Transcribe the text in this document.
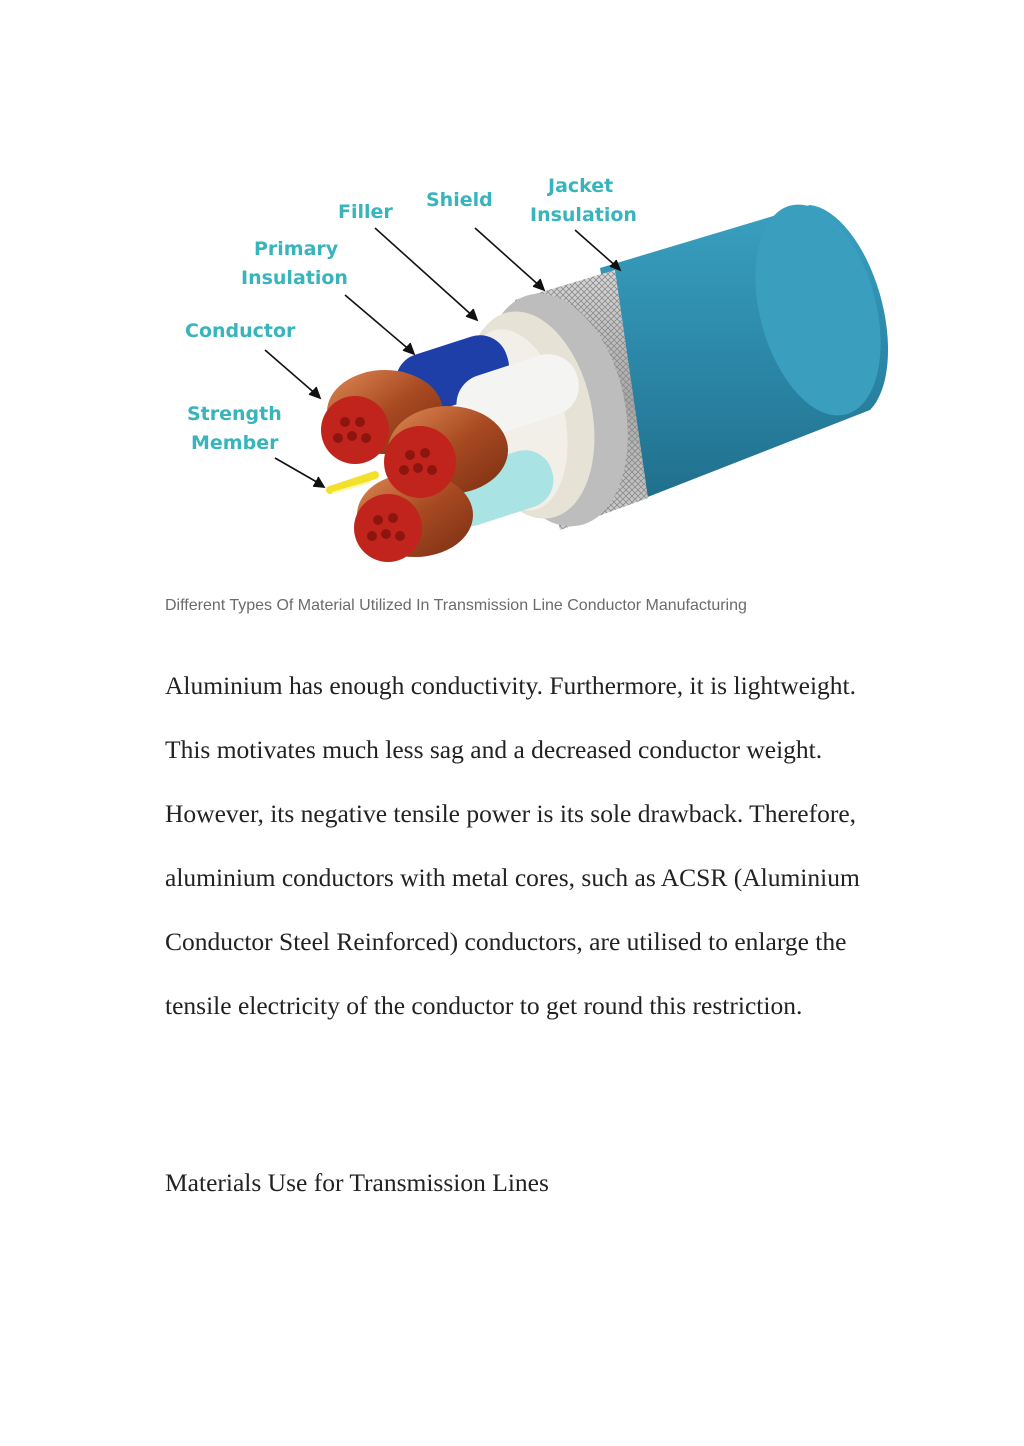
Jacket
Insulation
Shield
Filler
Primary
Insulation
Conductor
Strength
Member
Different Types Of Material Utilized In Transmission Line Conductor Manufacturing

Aluminium has enough conductivity. Furthermore, it is lightweight. This motivates much less sag and a decreased conductor weight. However, its negative tensile power is its sole drawback. Therefore, aluminium conductors with metal cores, such as ACSR (Aluminium Conductor Steel Reinforced) conductors, are utilised to enlarge the tensile electricity of the conductor to get round this restriction.

Materials Use for Transmission Lines
